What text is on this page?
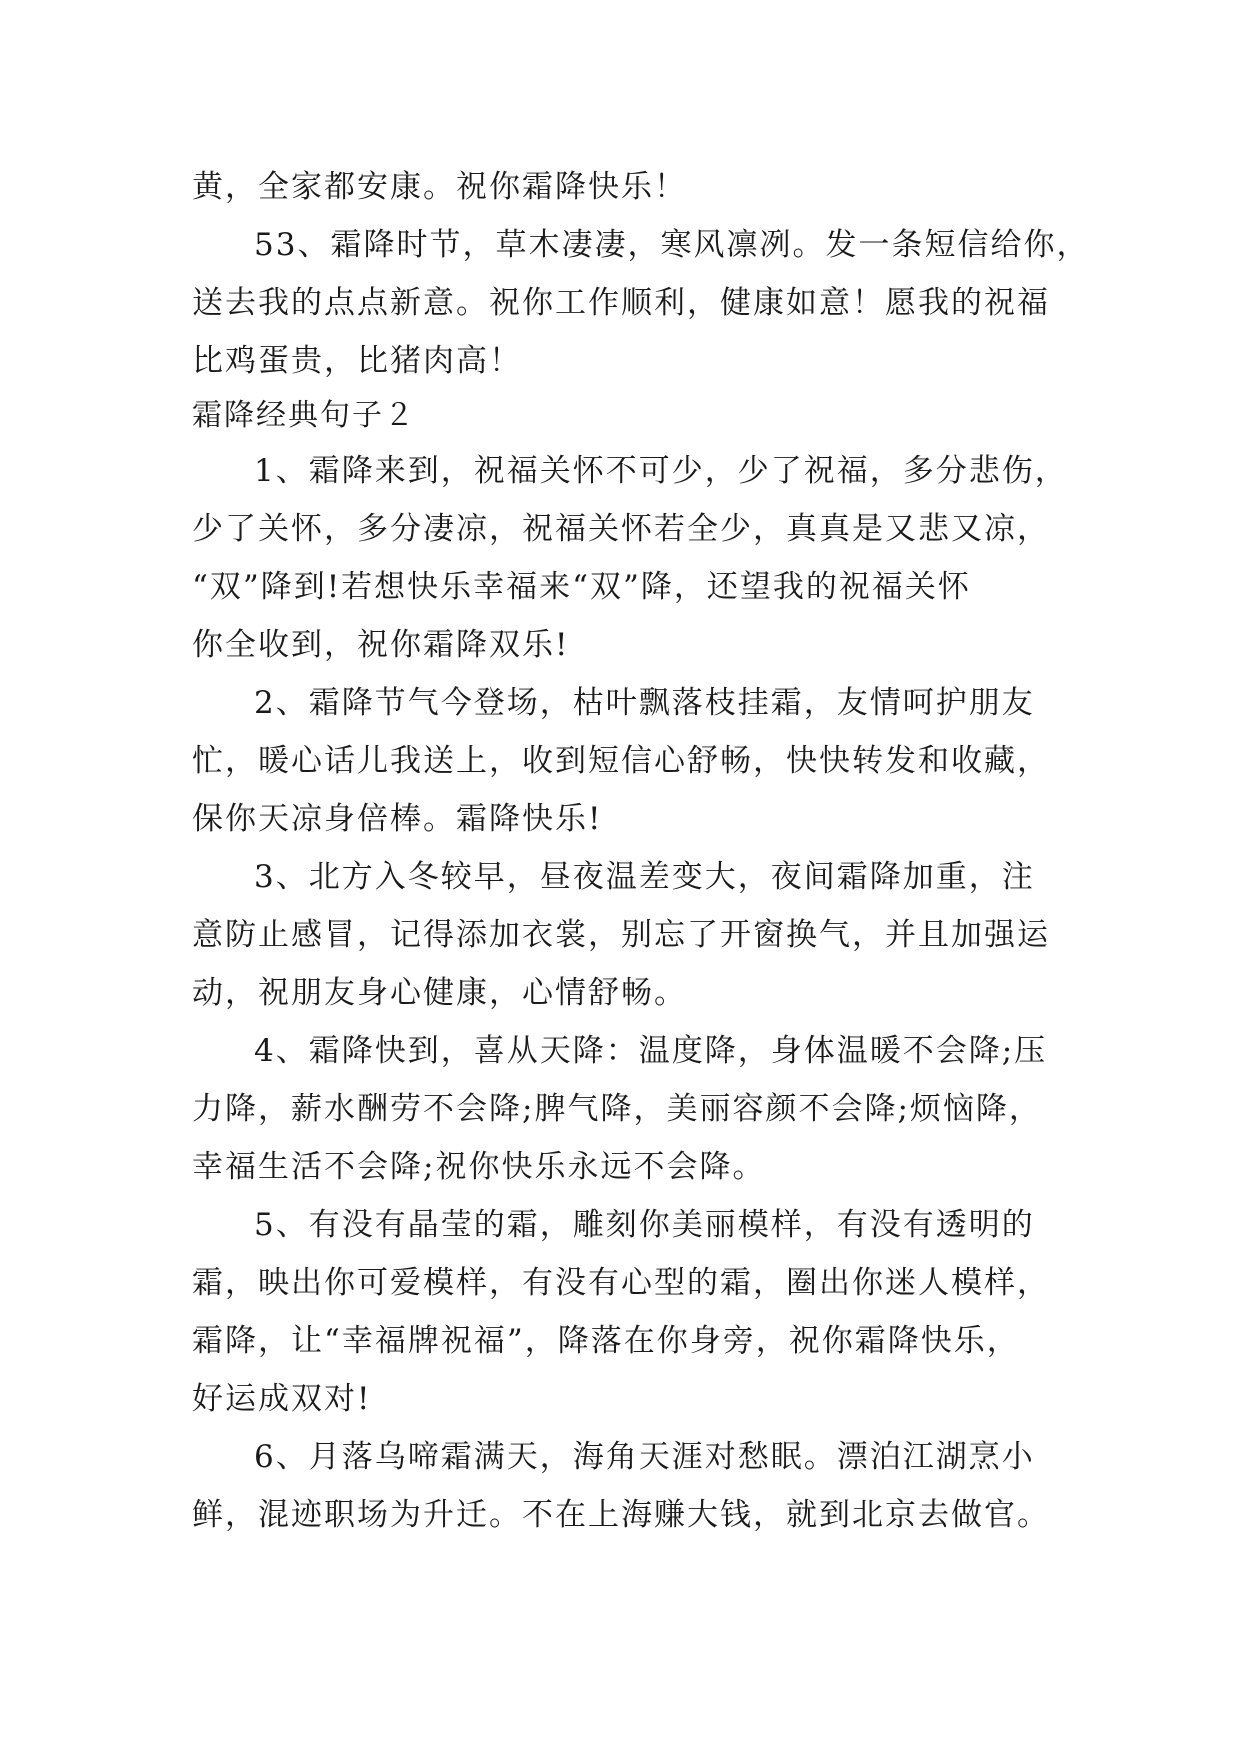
黄，全家都安康。祝你霜降快乐！
53、霜降时节，草木凄凄，寒风凛冽。发一条短信给你，
送去我的点点新意。祝你工作顺利，健康如意！愿我的祝福
比鸡蛋贵，比猪肉高！
霜降经典句子２
1、霜降来到，祝福关怀不可少，少了祝福，多分悲伤，
少了关怀，多分凄凉，祝福关怀若全少，真真是又悲又凉，
“双”降到!若想快乐幸福来“双”降，还望我的祝福关怀
你全收到，祝你霜降双乐!
2、霜降节气今登场，枯叶飘落枝挂霜，友情呵护朋友
忙，暖心话儿我送上，收到短信心舒畅，快快转发和收藏，
保你天凉身倍棒。霜降快乐!
3、北方入冬较早，昼夜温差变大，夜间霜降加重，注
意防止感冒，记得添加衣裳，别忘了开窗换气，并且加强运
动，祝朋友身心健康，心情舒畅。
4、霜降快到，喜从天降：温度降，身体温暖不会降;压
力降，薪水酬劳不会降;脾气降，美丽容颜不会降;烦恼降，
幸福生活不会降;祝你快乐永远不会降。
5、有没有晶莹的霜，雕刻你美丽模样，有没有透明的
霜，映出你可爱模样，有没有心型的霜，圈出你迷人模样，
霜降，让“幸福牌祝福”，降落在你身旁，祝你霜降快乐，
好运成双对!
6、月落乌啼霜满天，海角天涯对愁眠。漂泊江湖烹小
鲜，混迹职场为升迁。不在上海赚大钱，就到北京去做官。
